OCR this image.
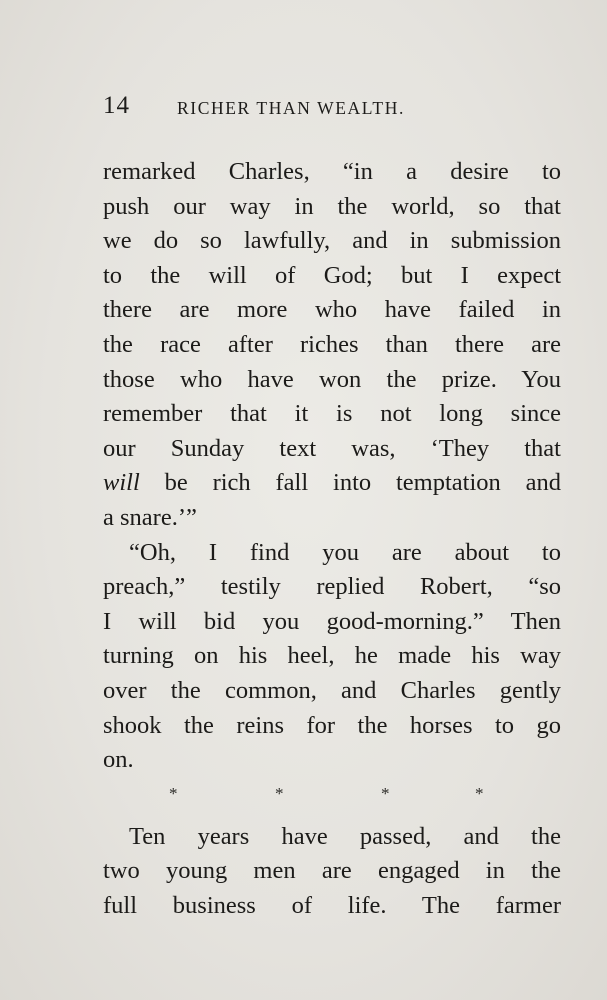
14	RICHER THAN WEALTH.
remarked Charles, “in a desire to
push our way in the world, so that
we do so lawfully, and in submission
to the will of God; but I expect
there are more who have failed in
the race after riches than there are
those who have won the prize. You
remember that it is not long since
our Sunday text was, ‘They that
will be rich fall into temptation and
a snare.’”
“Oh, I find you are about to
preach,” testily replied Robert, “so
I will bid you good-morning.” Then
turning on his heel, he made his way
over the common, and Charles gently
shook the reins for the horses to go
on.
*	*	*	*
Ten years have passed, and the
two young men are engaged in the
full business of life. The farmer
